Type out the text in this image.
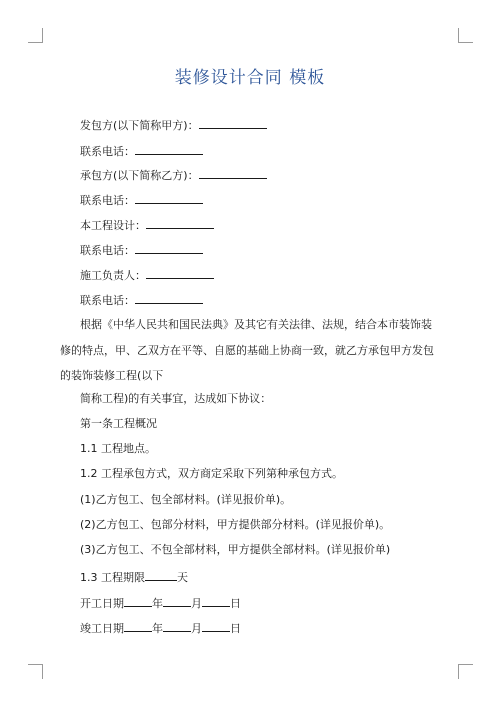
装修设计合同 模板
发包方(以下简称甲方)：
联系电话：
承包方(以下简称乙方)：
联系电话：
本工程设计：
联系电话：
施工负责人：
联系电话：
根据《中华人民共和国民法典》及其它有关法律、法规，结合本市装饰装修的特点，甲、乙双方在平等、自愿的基础上协商一致，就乙方承包甲方发包的装饰装修工程(以下
简称工程)的有关事宜，达成如下协议：
第一条工程概况
1.1 工程地点。
1.2 工程承包方式，双方商定采取下列第种承包方式。
(1)乙方包工、包全部材料。(详见报价单)。
(2)乙方包工、包部分材料，甲方提供部分材料。(详见报价单)。
(3)乙方包工、不包全部材料，甲方提供全部材料。(详见报价单)
1.3 工程期限	天
开工日期	年	月	日
竣工日期	年	月	日
